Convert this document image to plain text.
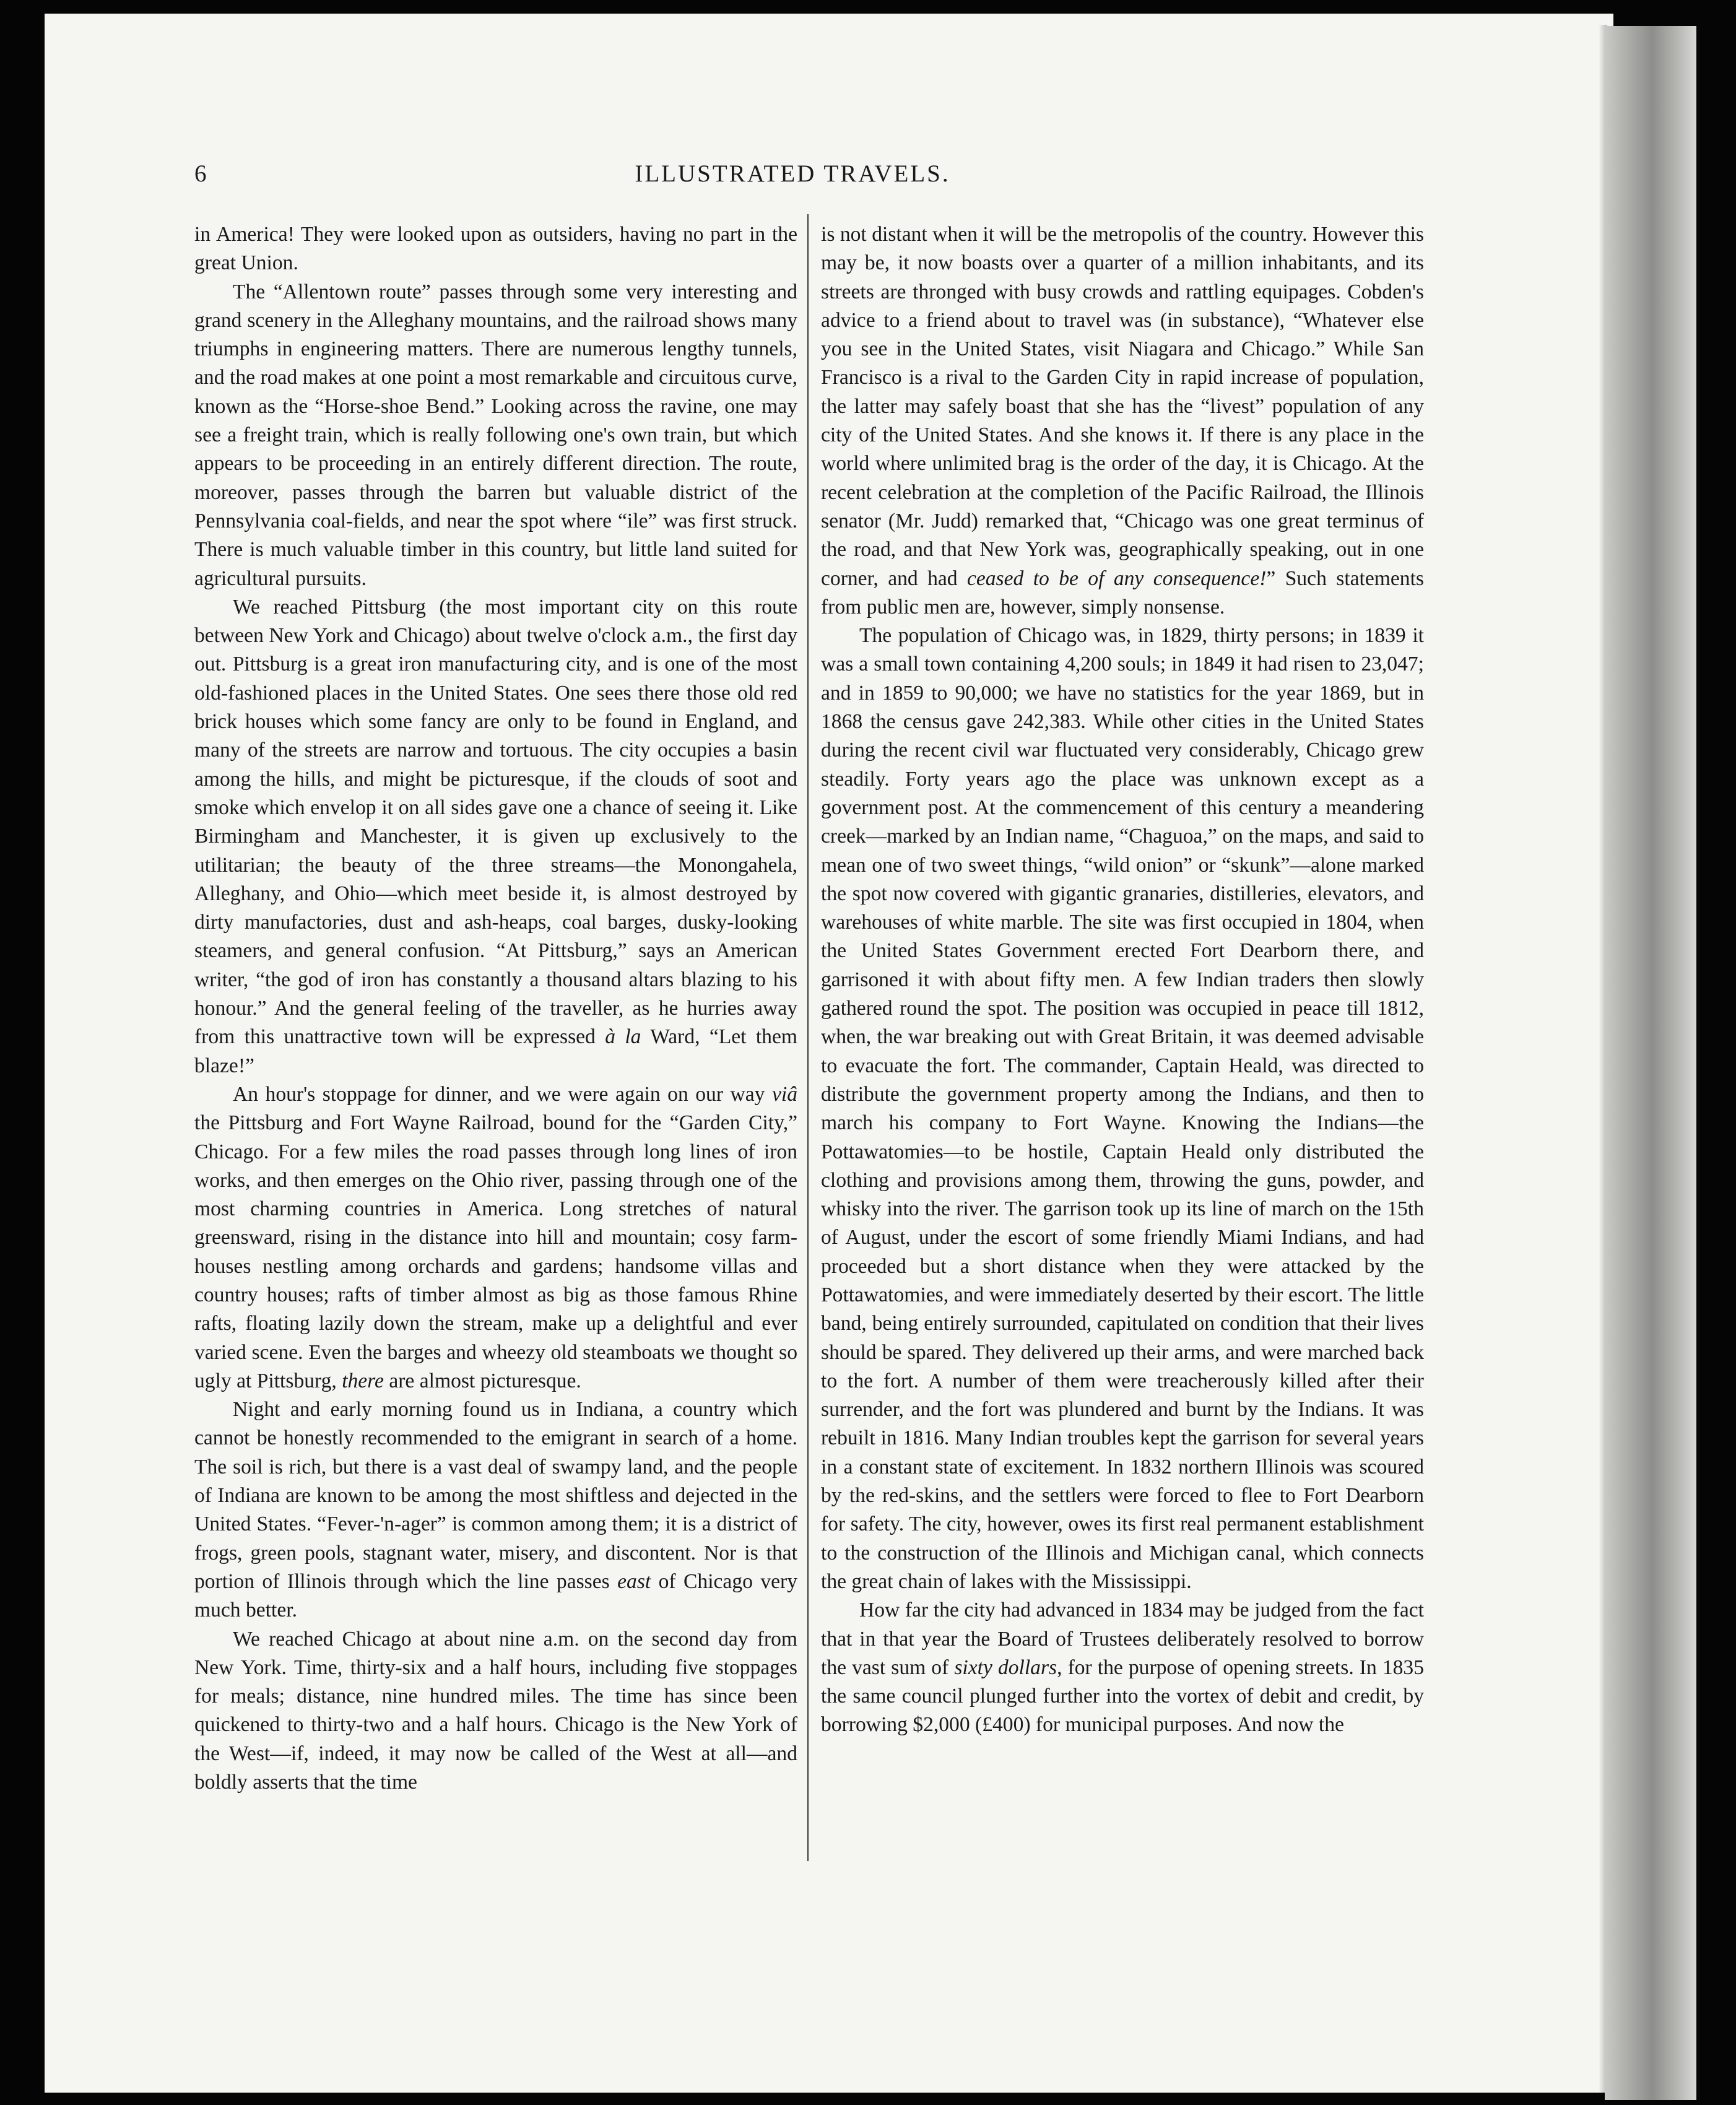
6	ILLUSTRATED TRAVELS.

in America! They were looked upon as outsiders, having no part in the great Union.

The “Allentown route” passes through some very interesting and grand scenery in the Alleghany mountains, and the railroad shows many triumphs in engineering matters. There are numerous lengthy tunnels, and the road makes at one point a most remarkable and circuitous curve, known as the “Horse-shoe Bend.” Looking across the ravine, one may see a freight train, which is really following one's own train, but which appears to be proceeding in an entirely different direction. The route, moreover, passes through the barren but valuable district of the Pennsylvania coal-fields, and near the spot where “ile” was first struck. There is much valuable timber in this country, but little land suited for agricultural pursuits.

We reached Pittsburg (the most important city on this route between New York and Chicago) about twelve o'clock a.m., the first day out. Pittsburg is a great iron manufacturing city, and is one of the most old-fashioned places in the United States. One sees there those old red brick houses which some fancy are only to be found in England, and many of the streets are narrow and tortuous. The city occupies a basin among the hills, and might be picturesque, if the clouds of soot and smoke which envelop it on all sides gave one a chance of seeing it. Like Birmingham and Manchester, it is given up exclusively to the utilitarian; the beauty of the three streams—the Monongahela, Alleghany, and Ohio—which meet beside it, is almost destroyed by dirty manufactories, dust and ash-heaps, coal barges, dusky-looking steamers, and general confusion. “At Pittsburg,” says an American writer, “the god of iron has constantly a thousand altars blazing to his honour.” And the general feeling of the traveller, as he hurries away from this unattractive town will be expressed à la Ward, “Let them blaze!”

An hour's stoppage for dinner, and we were again on our way viâ the Pittsburg and Fort Wayne Railroad, bound for the “Garden City,” Chicago. For a few miles the road passes through long lines of iron works, and then emerges on the Ohio river, passing through one of the most charming countries in America. Long stretches of natural greensward, rising in the distance into hill and mountain; cosy farm-houses nestling among orchards and gardens; handsome villas and country houses; rafts of timber almost as big as those famous Rhine rafts, floating lazily down the stream, make up a delightful and ever varied scene. Even the barges and wheezy old steamboats we thought so ugly at Pittsburg, there are almost picturesque.

Night and early morning found us in Indiana, a country which cannot be honestly recommended to the emigrant in search of a home. The soil is rich, but there is a vast deal of swampy land, and the people of Indiana are known to be among the most shiftless and dejected in the United States. “Fever-'n-ager” is common among them; it is a district of frogs, green pools, stagnant water, misery, and discontent. Nor is that portion of Illinois through which the line passes east of Chicago very much better.

We reached Chicago at about nine a.m. on the second day from New York. Time, thirty-six and a half hours, including five stoppages for meals; distance, nine hundred miles. The time has since been quickened to thirty-two and a half hours. Chicago is the New York of the West—if, indeed, it may now be called of the West at all—and boldly asserts that the time

is not distant when it will be the metropolis of the country. However this may be, it now boasts over a quarter of a million inhabitants, and its streets are thronged with busy crowds and rattling equipages. Cobden's advice to a friend about to travel was (in substance), “Whatever else you see in the United States, visit Niagara and Chicago.” While San Francisco is a rival to the Garden City in rapid increase of population, the latter may safely boast that she has the “livest” population of any city of the United States. And she knows it. If there is any place in the world where unlimited brag is the order of the day, it is Chicago. At the recent celebration at the completion of the Pacific Railroad, the Illinois senator (Mr. Judd) remarked that, “Chicago was one great terminus of the road, and that New York was, geographically speaking, out in one corner, and had ceased to be of any consequence!” Such statements from public men are, however, simply nonsense.

The population of Chicago was, in 1829, thirty persons; in 1839 it was a small town containing 4,200 souls; in 1849 it had risen to 23,047; and in 1859 to 90,000; we have no statistics for the year 1869, but in 1868 the census gave 242,383. While other cities in the United States during the recent civil war fluctuated very considerably, Chicago grew steadily. Forty years ago the place was unknown except as a government post. At the commencement of this century a meandering creek—marked by an Indian name, “Chaguoa,” on the maps, and said to mean one of two sweet things, “wild onion” or “skunk”—alone marked the spot now covered with gigantic granaries, distilleries, elevators, and warehouses of white marble. The site was first occupied in 1804, when the United States Government erected Fort Dearborn there, and garrisoned it with about fifty men. A few Indian traders then slowly gathered round the spot. The position was occupied in peace till 1812, when, the war breaking out with Great Britain, it was deemed advisable to evacuate the fort. The commander, Captain Heald, was directed to distribute the government property among the Indians, and then to march his company to Fort Wayne. Knowing the Indians—the Pottawatomies—to be hostile, Captain Heald only distributed the clothing and provisions among them, throwing the guns, powder, and whisky into the river. The garrison took up its line of march on the 15th of August, under the escort of some friendly Miami Indians, and had proceeded but a short distance when they were attacked by the Pottawatomies, and were immediately deserted by their escort. The little band, being entirely surrounded, capitulated on condition that their lives should be spared. They delivered up their arms, and were marched back to the fort. A number of them were treacherously killed after their surrender, and the fort was plundered and burnt by the Indians. It was rebuilt in 1816. Many Indian troubles kept the garrison for several years in a constant state of excitement. In 1832 northern Illinois was scoured by the red-skins, and the settlers were forced to flee to Fort Dearborn for safety. The city, however, owes its first real permanent establishment to the construction of the Illinois and Michigan canal, which connects the great chain of lakes with the Mississippi.

How far the city had advanced in 1834 may be judged from the fact that in that year the Board of Trustees deliberately resolved to borrow the vast sum of sixty dollars, for the purpose of opening streets. In 1835 the same council plunged further into the vortex of debit and credit, by borrowing $2,000 (£400) for municipal purposes. And now the
